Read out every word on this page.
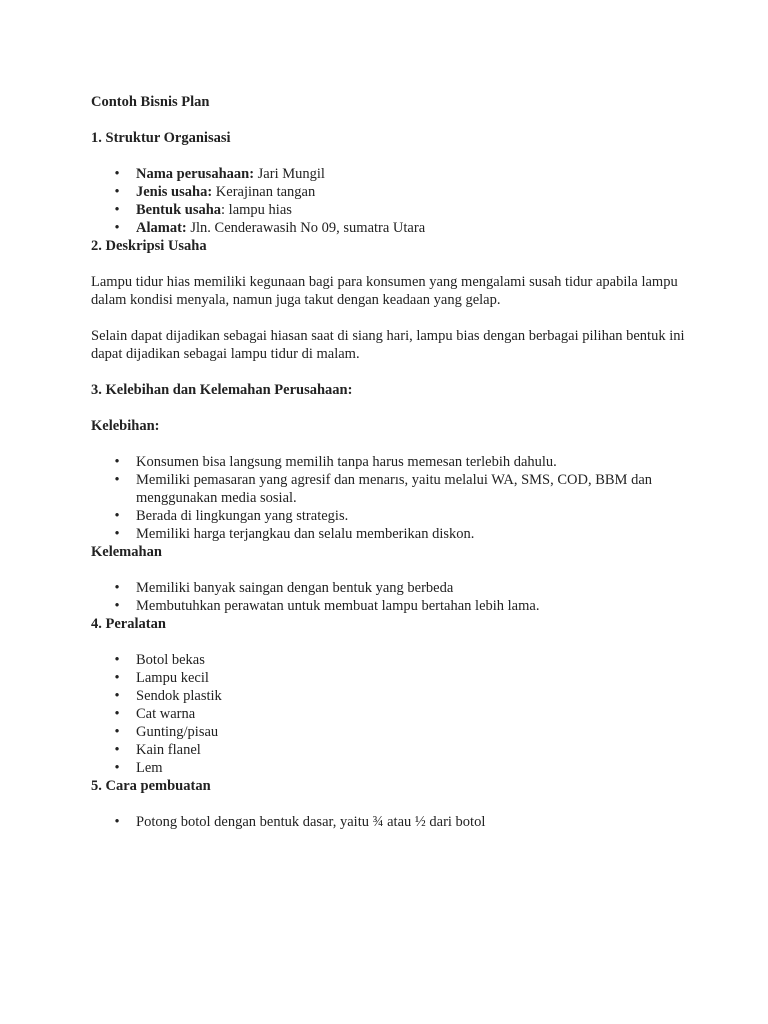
Contoh Bisnis Plan

1. Struktur Organisasi

• Nama perusahaan: Jari Mungil
• Jenis usaha: Kerajinan tangan
• Bentuk usaha: lampu hias
• Alamat: Jln. Cenderawasih No 09, sumatra Utara

2. Deskripsi Usaha

Lampu tidur hias memiliki kegunaan bagi para konsumen yang mengalami susah tidur apabila lampu dalam kondisi menyala, namun juga takut dengan keadaan yang gelap.

Selain dapat dijadikan sebagai hiasan saat di siang hari, lampu bias dengan berbagai pilihan bentuk ini dapat dijadikan sebagai lampu tidur di malam.

3. Kelebihan dan Kelemahan Perusahaan:

Kelebihan:

• Konsumen bisa langsung memilih tanpa harus memesan terlebih dahulu.
• Memiliki pemasaran yang agresif dan menarıs, yaitu melalui WA, SMS, COD, BBM dan menggunakan media sosial.
• Berada di lingkungan yang strategis.
• Memiliki harga terjangkau dan selalu memberikan diskon.

Kelemahan

• Memiliki banyak saingan dengan bentuk yang berbeda
• Membutuhkan perawatan untuk membuat lampu bertahan lebih lama.

4. Peralatan

• Botol bekas
• Lampu kecil
• Sendok plastik
• Cat warna
• Gunting/pisau
• Kain flanel
• Lem

5. Cara pembuatan

• Potong botol dengan bentuk dasar, yaitu ¾ atau ½ dari botol
